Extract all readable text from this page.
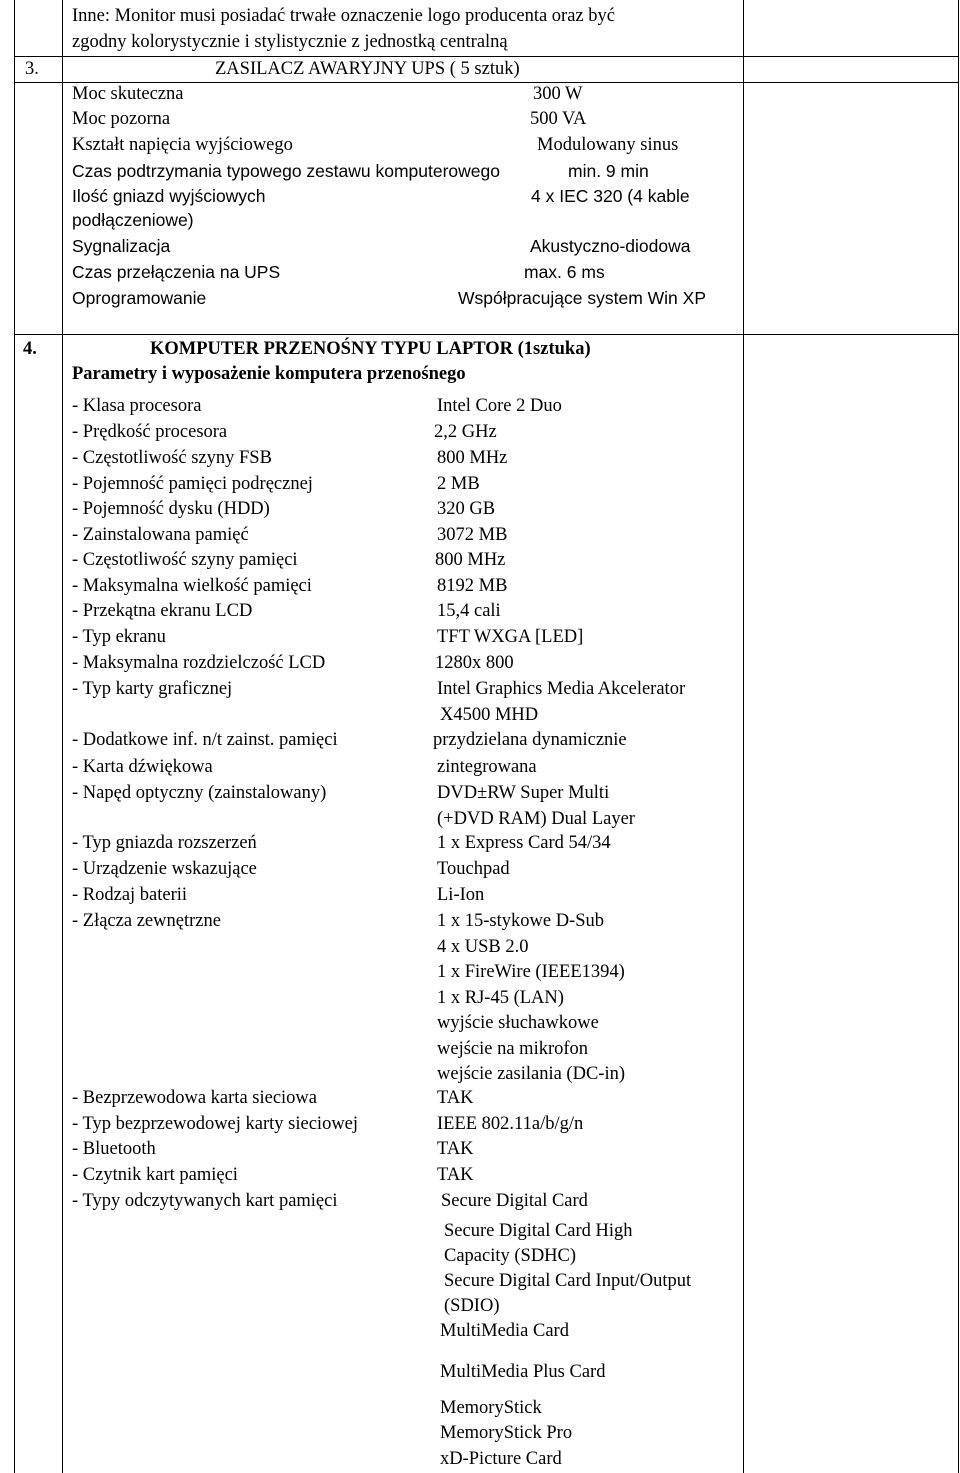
Inne: Monitor musi posiadać trwałe oznaczenie logo producenta oraz być
zgodny kolorystycznie i stylistycznie z jednostką centralną
3.	ZASILACZ AWARYJNY UPS ( 5 sztuk)
Moc skuteczna	300 W
Moc pozorna	500 VA
Kształt napięcia wyjściowego	Modulowany sinus
Czas podtrzymania typowego zestawu komputerowego	min. 9 min
Ilość gniazd wyjściowych	4 x IEC 320 (4 kable
podłączeniowe)
Sygnalizacja	Akustyczno-diodowa
Czas przełączenia na UPS	max. 6 ms
Oprogramowanie	Współpracujące system Win XP
4.	KOMPUTER PRZENOŚNY TYPU LAPTOR (1sztuka)
Parametry i wyposażenie komputera przenośnego
- Klasa procesora	Intel Core 2 Duo
- Prędkość procesora	2,2 GHz
- Częstotliwość szyny FSB	800 MHz
- Pojemność pamięci podręcznej	2 MB
- Pojemność dysku (HDD)	320 GB
- Zainstalowana pamięć	3072 MB
- Częstotliwość szyny pamięci	800 MHz
- Maksymalna wielkość pamięci	8192 MB
- Przekątna ekranu LCD	15,4 cali
- Typ ekranu	TFT WXGA [LED]
- Maksymalna rozdzielczość LCD	1280x 800
- Typ karty graficznej	Intel Graphics Media Akcelerator
X4500 MHD
- Dodatkowe inf. n/t zainst. pamięci	przydzielana dynamicznie
- Karta dźwiękowa	zintegrowana
- Napęd optyczny (zainstalowany)	DVD±RW Super Multi
(+DVD RAM) Dual Layer
- Typ gniazda rozszerzeń	1 x Express Card 54/34
- Urządzenie wskazujące	Touchpad
- Rodzaj baterii	Li-Ion
- Złącza zewnętrzne	1 x 15-stykowe D-Sub
4 x USB 2.0
1 x FireWire (IEEE1394)
1 x RJ-45 (LAN)
wyjście słuchawkowe
wejście na mikrofon
wejście zasilania (DC-in)
- Bezprzewodowa karta sieciowa	TAK
- Typ bezprzewodowej karty sieciowej	IEEE 802.11a/b/g/n
- Bluetooth	TAK
- Czytnik kart pamięci	TAK
- Typy odczytywanych kart pamięci	Secure Digital Card
Secure Digital Card High
Capacity (SDHC)
Secure Digital Card Input/Output
(SDIO)
MultiMedia Card
MultiMedia Plus Card
MemoryStick
MemoryStick Pro
xD-Picture Card
